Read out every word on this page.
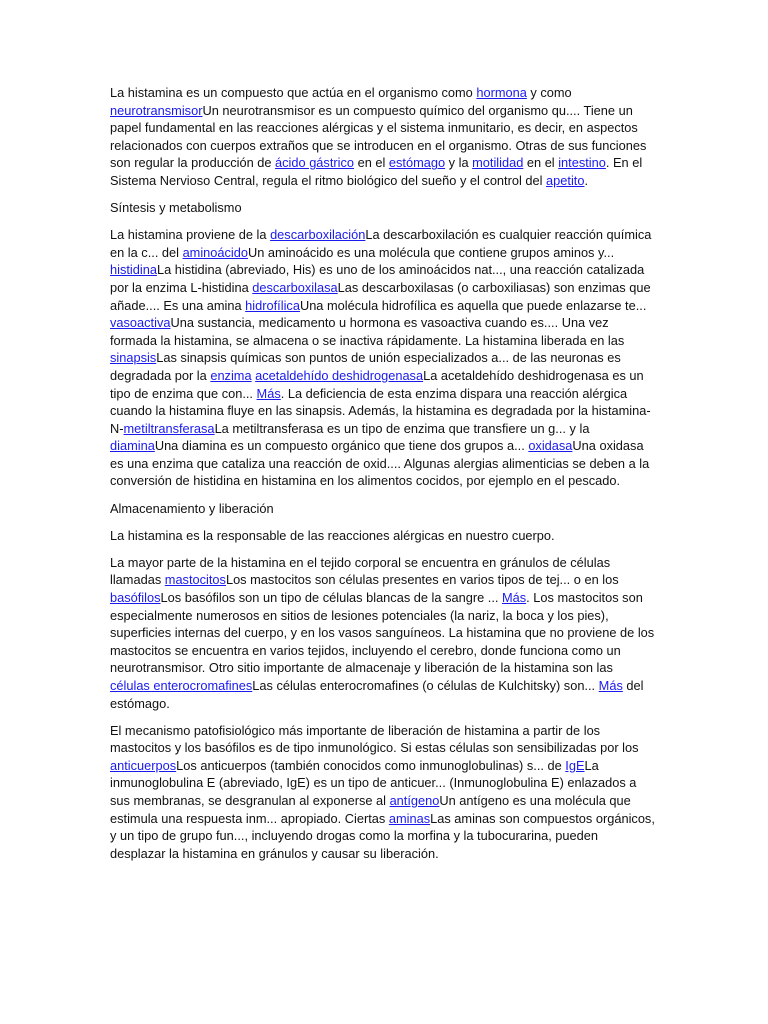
La histamina es un compuesto que actúa en el organismo como hormona y como neurotransmisorUn neurotransmisor es un compuesto químico del organismo qu.... Tiene un papel fundamental en las reacciones alérgicas y el sistema inmunitario, es decir, en aspectos relacionados con cuerpos extraños que se introducen en el organismo. Otras de sus funciones son regular la producción de ácido gástrico en el estómago y la motilidad en el intestino. En el Sistema Nervioso Central, regula el ritmo biológico del sueño y el control del apetito.

Síntesis y metabolismo

La histamina proviene de la descarboxilaciónLa descarboxilación es cualquier reacción química en la c... del aminoácidoUn aminoácido es una molécula que contiene grupos aminos y... histidinaLa histidina (abreviado, His) es uno de los aminoácidos nat..., una reacción catalizada por la enzima L-histidina descarboxilasaLas descarboxilasas (o carboxiliasas) son enzimas que añade.... Es una amina hidrofílicaUna molécula hidrofílica es aquella que puede enlazarse te... vasoactivaUna sustancia, medicamento u hormona es vasoactiva cuando es.... Una vez formada la histamina, se almacena o se inactiva rápidamente. La histamina liberada en las sinapsisLas sinapsis químicas son puntos de unión especializados a... de las neuronas es degradada por la enzima acetaldehído deshidrogenasaLa acetaldehído deshidrogenasa es un tipo de enzima que con... Más. La deficiencia de esta enzima dispara una reacción alérgica cuando la histamina fluye en las sinapsis. Además, la histamina es degradada por la histamina-N-metiltransferasaLa metiltransferasa es un tipo de enzima que transfiere un g... y la diaminaUna diamina es un compuesto orgánico que tiene dos grupos a... oxidasaUna oxidasa es una enzima que cataliza una reacción de oxid.... Algunas alergias alimenticias se deben a la conversión de histidina en histamina en los alimentos cocidos, por ejemplo en el pescado.

Almacenamiento y liberación

La histamina es la responsable de las reacciones alérgicas en nuestro cuerpo.

La mayor parte de la histamina en el tejido corporal se encuentra en gránulos de células llamadas mastocitosLos mastocitos son células presentes en varios tipos de tej... o en los basófilosLos basófilos son un tipo de células blancas de la sangre ... Más. Los mastocitos son especialmente numerosos en sitios de lesiones potenciales (la nariz, la boca y los pies), superficies internas del cuerpo, y en los vasos sanguíneos. La histamina que no proviene de los mastocitos se encuentra en varios tejidos, incluyendo el cerebro, donde funciona como un neurotransmisor. Otro sitio importante de almacenaje y liberación de la histamina son las células enterocromafinesLas células enterocromafines (o células de Kulchitsky) son... Más del estómago.

El mecanismo patofisiológico más importante de liberación de histamina a partir de los mastocitos y los basófilos es de tipo inmunológico. Si estas células son sensibilizadas por los anticuerposLos anticuerpos (también conocidos como inmunoglobulinas) s... de IgELa inmunoglobulina E (abreviado, IgE) es un tipo de anticuer... (Inmunoglobulina E) enlazados a sus membranas, se desgranulan al exponerse al antígenoUn antígeno es una molécula que estimula una respuesta inm... apropiado. Ciertas aminasLas aminas son compuestos orgánicos, y un tipo de grupo fun..., incluyendo drogas como la morfina y la tubocurarina, pueden desplazar la histamina en gránulos y causar su liberación.
